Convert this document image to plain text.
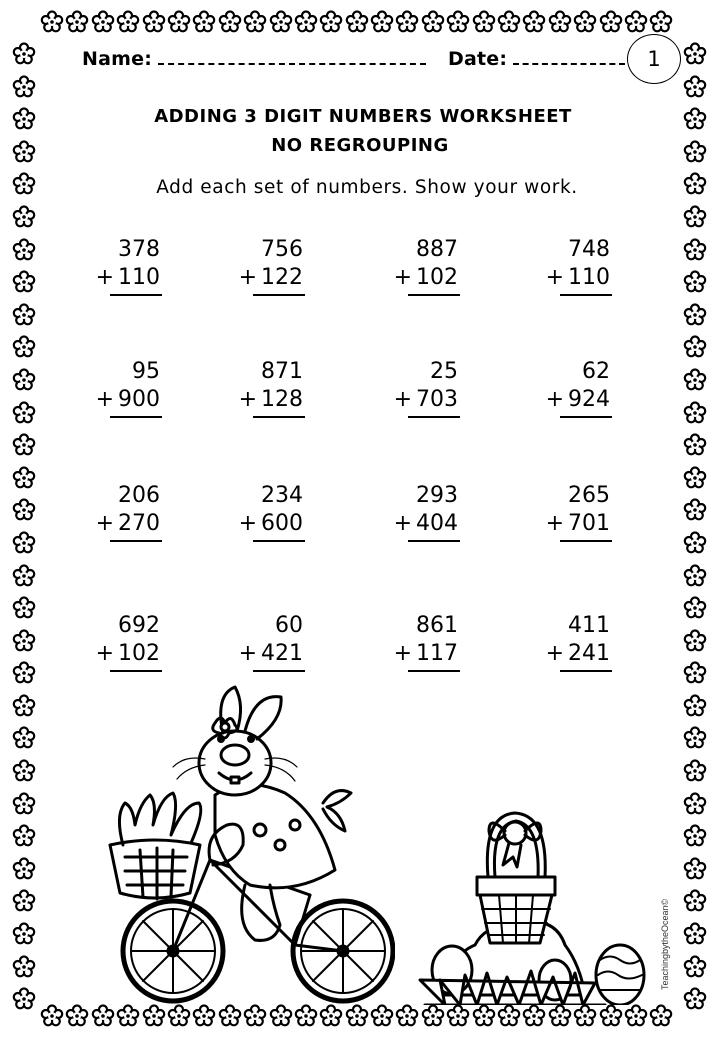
Name:	Date:	1
ADDING 3 DIGIT NUMBERS WORKSHEET
NO REGROUPING
Add each set of numbers. Show your work.
378
+ 110
756
+ 122
887
+ 102
748
+ 110
95
+ 900
871
+ 128
25
+ 703
62
+ 924
206
+ 270
234
+ 600
293
+ 404
265
+ 701
692
+ 102
60
+ 421
861
+ 117
411
+ 241
TeachingbytheOcean©
